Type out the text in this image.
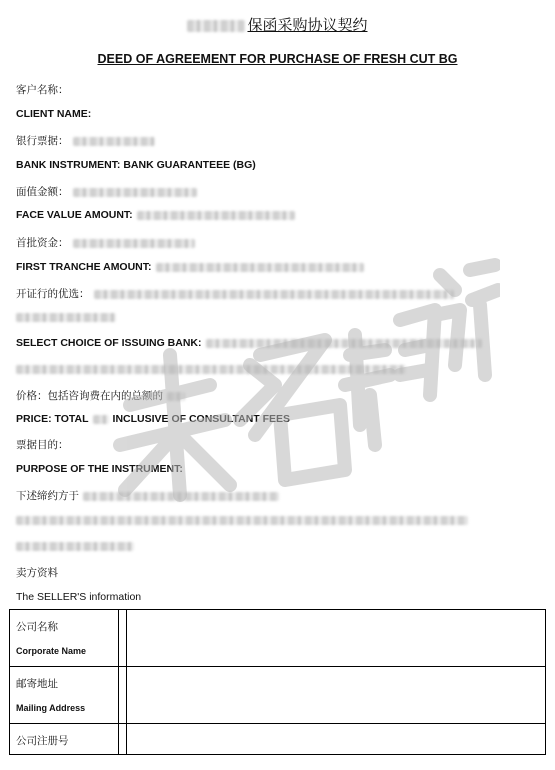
保函采购协议契约
DEED OF AGREEMENT FOR PURCHASE OF FRESH CUT BG
客户名称：
CLIENT NAME:
银行票据：
BANK INSTRUMENT: BANK GUARANTEEE (BG)
面值金额：
FACE VALUE AMOUNT:
首批资金：
FIRST TRANCHE AMOUNT:
开证行的优选：
SELECT CHOICE OF ISSUING BANK:
价格：包括咨询费在内的总额的
PRICE: TOTAL INCLUSIVE OF CONSULTANT FEES
票据目的：
PURPOSE OF THE INSTRUMENT:
下述缔约方于
卖方资料
The SELLER'S information
公司名称
Corporate Name
邮寄地址
Mailing Address
公司注册号
